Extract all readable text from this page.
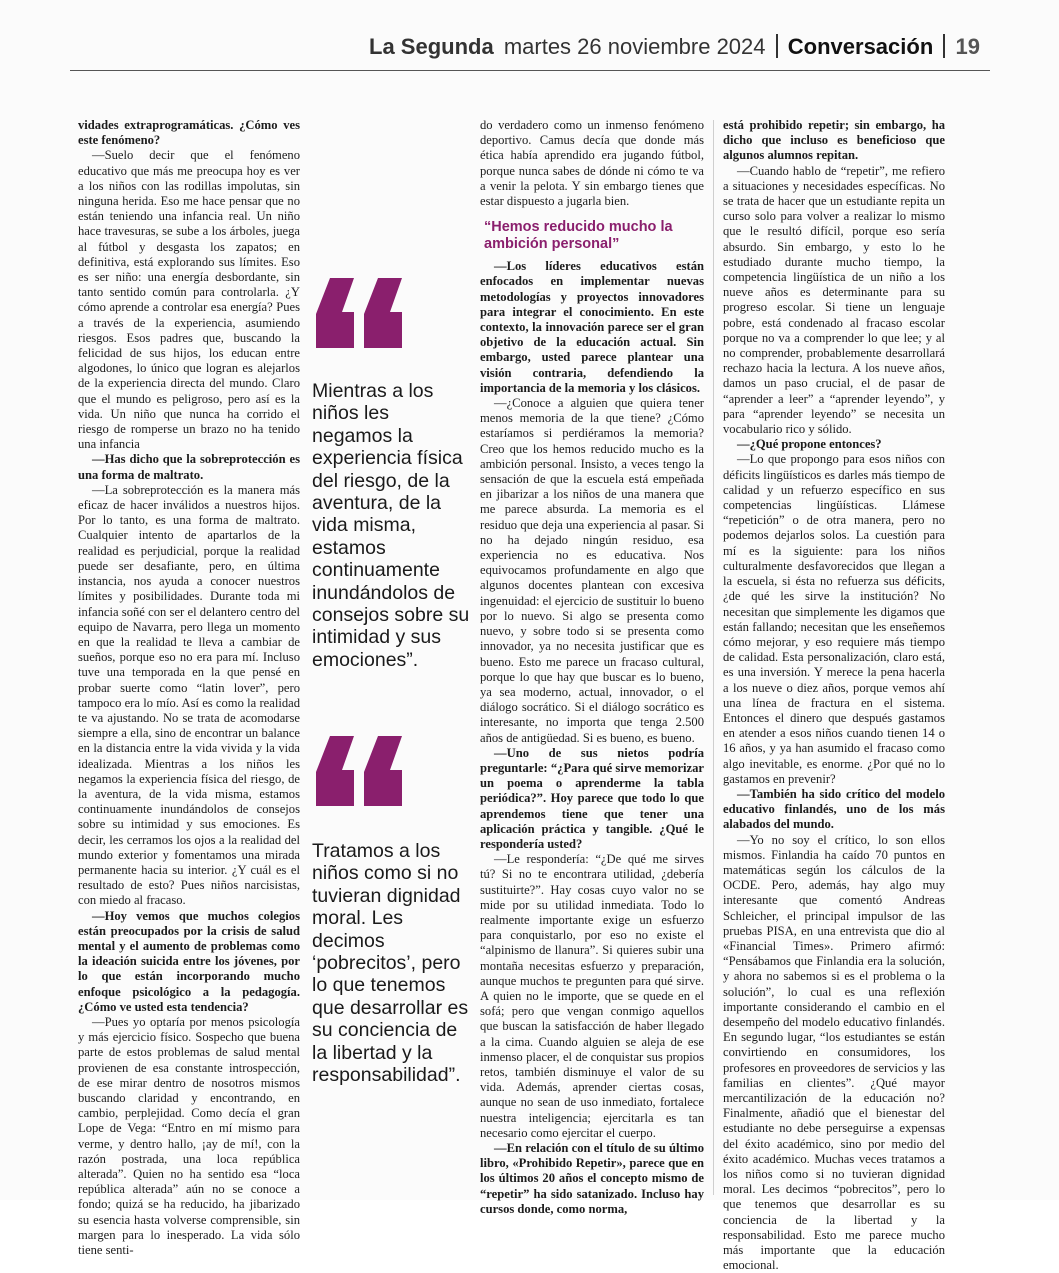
La Segunda martes 26 noviembre 2024 Conversación 19

vidades extraprogramáticas. ¿Cómo ves este fenómeno?

—Suelo decir que el fenómeno educativo que más me preocupa hoy es ver a los niños con las rodillas impolutas, sin ninguna herida. Eso me hace pensar que no están teniendo una infancia real. Un niño hace travesuras, se sube a los árboles, juega al fútbol y desgasta los zapatos; en definitiva, está explorando sus límites. Eso es ser niño: una energía desbordante, sin tanto sentido común para controlarla. ¿Y cómo aprende a controlar esa energía? Pues a través de la experiencia, asumiendo riesgos. Esos padres que, buscando la felicidad de sus hijos, los educan entre algodones, lo único que logran es alejarlos de la experiencia directa del mundo. Claro que el mundo es peligroso, pero así es la vida. Un niño que nunca ha corrido el riesgo de romperse un brazo no ha tenido una infancia

—Has dicho que la sobreprotección es una forma de maltrato.

—La sobreprotección es la manera más eficaz de hacer inválidos a nuestros hijos. Por lo tanto, es una forma de maltrato. Cualquier intento de apartarlos de la realidad es perjudicial, porque la realidad puede ser desafiante, pero, en última instancia, nos ayuda a conocer nuestros límites y posibilidades. Durante toda mi infancia soñé con ser el delantero centro del equipo de Navarra, pero llega un momento en que la realidad te lleva a cambiar de sueños, porque eso no era para mí. Incluso tuve una temporada en la que pensé en probar suerte como “latin lover”, pero tampoco era lo mío. Así es como la realidad te va ajustando. No se trata de acomodarse siempre a ella, sino de encontrar un balance en la distancia entre la vida vivida y la vida idealizada. Mientras a los niños les negamos la experiencia física del riesgo, de la aventura, de la vida misma, estamos continuamente inundándolos de consejos sobre su intimidad y sus emociones. Es decir, les cerramos los ojos a la realidad del mundo exterior y fomentamos una mirada permanente hacia su interior. ¿Y cuál es el resultado de esto? Pues niños narcisistas, con miedo al fracaso.

—Hoy vemos que muchos colegios están preocupados por la crisis de salud mental y el aumento de problemas como la ideación suicida entre los jóvenes, por lo que están incorporando mucho enfoque psicológico a la pedagogía. ¿Cómo ve usted esta tendencia?

—Pues yo optaría por menos psicología y más ejercicio físico. Sospecho que buena parte de estos problemas de salud mental provienen de esa constante introspección, de ese mirar dentro de nosotros mismos buscando claridad y encontrando, en cambio, perplejidad. Como decía el gran Lope de Vega: “Entro en mí mismo para verme, y dentro hallo, ¡ay de mí!, con la razón postrada, una loca república alterada”. Quien no ha sentido esa “loca república alterada” aún no se conoce a fondo; quizá se ha reducido, ha jibarizado su esencia hasta volverse comprensible, sin margen para lo inesperado. La vida sólo tiene senti-

Mientras a los niños les negamos la experiencia física del riesgo, de la aventura, de la vida misma, estamos continuamente inundándolos de consejos sobre su intimidad y sus emociones”.
Tratamos a los niños como si no tuvieran dignidad moral. Les decimos ‘pobrecitos’, pero lo que tenemos que desarrollar es su conciencia de la libertad y la responsabilidad”.

do verdadero como un inmenso fenómeno deportivo. Camus decía que donde más ética había aprendido era jugando fútbol, porque nunca sabes de dónde ni cómo te va a venir la pelota. Y sin embargo tienes que estar dispuesto a jugarla bien.

“Hemos reducido mucho la ambición personal”

—Los líderes educativos están enfocados en implementar nuevas metodologías y proyectos innovadores para integrar el conocimiento. En este contexto, la innovación parece ser el gran objetivo de la educación actual. Sin embargo, usted parece plantear una visión contraria, defendiendo la importancia de la memoria y los clásicos.

—¿Conoce a alguien que quiera tener menos memoria de la que tiene? ¿Cómo estaríamos si perdiéramos la memoria? Creo que los hemos reducido mucho es la ambición personal. Insisto, a veces tengo la sensación de que la escuela está empeñada en jibarizar a los niños de una manera que me parece absurda. La memoria es el residuo que deja una experiencia al pasar. Si no ha dejado ningún residuo, esa experiencia no es educativa. Nos equivocamos profundamente en algo que algunos docentes plantean con excesiva ingenuidad: el ejercicio de sustituir lo bueno por lo nuevo. Si algo se presenta como nuevo, y sobre todo si se presenta como innovador, ya no necesita justificar que es bueno. Esto me parece un fracaso cultural, porque lo que hay que buscar es lo bueno, ya sea moderno, actual, innovador, o el diálogo socrático. Si el diálogo socrático es interesante, no importa que tenga 2.500 años de antigüedad. Si es bueno, es bueno.

—Uno de sus nietos podría preguntarle: “¿Para qué sirve memorizar un poema o aprenderme la tabla periódica?”. Hoy parece que todo lo que aprendemos tiene que tener una aplicación práctica y tangible. ¿Qué le respondería usted?

—Le respondería: “¿De qué me sirves tú? Si no te encontrara utilidad, ¿debería sustituirte?”. Hay cosas cuyo valor no se mide por su utilidad inmediata. Todo lo realmente importante exige un esfuerzo para conquistarlo, por eso no existe el “alpinismo de llanura”. Si quieres subir una montaña necesitas esfuerzo y preparación, aunque muchos te pregunten para qué sirve. A quien no le importe, que se quede en el sofá; pero que vengan conmigo aquellos que buscan la satisfacción de haber llegado a la cima. Cuando alguien se aleja de ese inmenso placer, el de conquistar sus propios retos, también disminuye el valor de su vida. Además, aprender ciertas cosas, aunque no sean de uso inmediato, fortalece nuestra inteligencia; ejercitarla es tan necesario como ejercitar el cuerpo.

—En relación con el título de su último libro, «Prohibido Repetir», parece que en los últimos 20 años el concepto mismo de “repetir” ha sido satanizado. Incluso hay cursos donde, como norma,

está prohibido repetir; sin embargo, ha dicho que incluso es beneficioso que algunos alumnos repitan.

—Cuando hablo de “repetir”, me refiero a situaciones y necesidades específicas. No se trata de hacer que un estudiante repita un curso solo para volver a realizar lo mismo que le resultó difícil, porque eso sería absurdo. Sin embargo, y esto lo he estudiado durante mucho tiempo, la competencia lingüística de un niño a los nueve años es determinante para su progreso escolar. Si tiene un lenguaje pobre, está condenado al fracaso escolar porque no va a comprender lo que lee; y al no comprender, probablemente desarrollará rechazo hacia la lectura. A los nueve años, damos un paso crucial, el de pasar de “aprender a leer” a “aprender leyendo”, y para “aprender leyendo” se necesita un vocabulario rico y sólido.

—¿Qué propone entonces?

—Lo que propongo para esos niños con déficits lingüísticos es darles más tiempo de calidad y un refuerzo específico en sus competencias lingüísticas. Llámese “repetición” o de otra manera, pero no podemos dejarlos solos. La cuestión para mí es la siguiente: para los niños culturalmente desfavorecidos que llegan a la escuela, si ésta no refuerza sus déficits, ¿de qué les sirve la institución? No necesitan que simplemente les digamos que están fallando; necesitan que les enseñemos cómo mejorar, y eso requiere más tiempo de calidad. Esta personalización, claro está, es una inversión. Y merece la pena hacerla a los nueve o diez años, porque vemos ahí una línea de fractura en el sistema. Entonces el dinero que después gastamos en atender a esos niños cuando tienen 14 o 16 años, y ya han asumido el fracaso como algo inevitable, es enorme. ¿Por qué no lo gastamos en prevenir?

—También ha sido crítico del modelo educativo finlandés, uno de los más alabados del mundo.

—Yo no soy el crítico, lo son ellos mismos. Finlandia ha caído 70 puntos en matemáticas según los cálculos de la OCDE. Pero, además, hay algo muy interesante que comentó Andreas Schleicher, el principal impulsor de las pruebas PISA, en una entrevista que dio al «Financial Times». Primero afirmó: “Pensábamos que Finlandia era la solución, y ahora no sabemos si es el problema o la solución”, lo cual es una reflexión importante considerando el cambio en el desempeño del modelo educativo finlandés. En segundo lugar, “los estudiantes se están convirtiendo en consumidores, los profesores en proveedores de servicios y las familias en clientes”. ¿Qué mayor mercantilización de la educación no? Finalmente, añadió que el bienestar del estudiante no debe perseguirse a expensas del éxito académico, sino por medio del éxito académico. Muchas veces tratamos a los niños como si no tuvieran dignidad moral. Les decimos “pobrecitos”, pero lo que tenemos que desarrollar es su conciencia de la libertad y la responsabilidad. Esto me parece mucho más importante que la educación emocional.
